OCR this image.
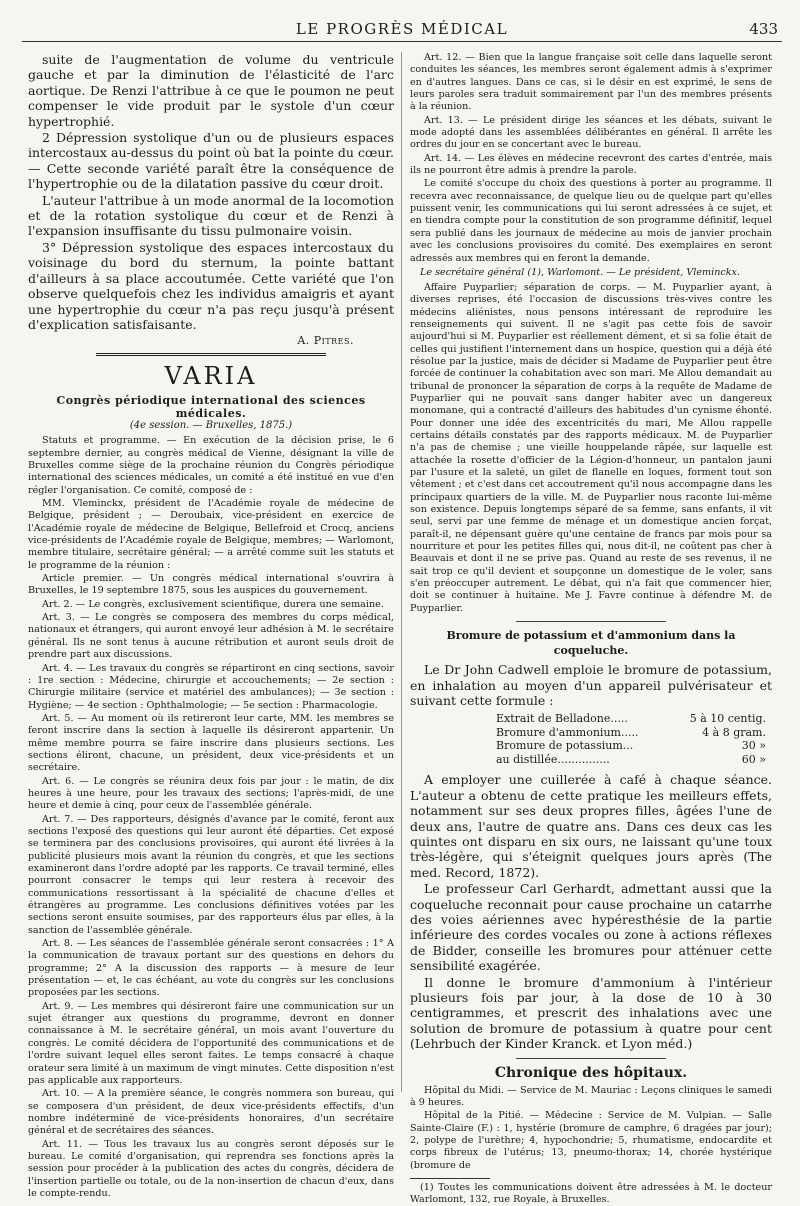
LE PROGRÈS MÉDICAL	433

suite de l'augmentation de volume du ventricule gauche et par la diminution de l'élasticité de l'arc aortique. De Renzi l'attribue à ce que le poumon ne peut compenser le vide produit par le systole d'un cœur hypertrophié.

2 Dépression systolique d'un ou de plusieurs espaces intercostaux au-dessus du point où bat la pointe du cœur. — Cette seconde variété paraît être la conséquence de l'hypertrophie ou de la dilatation passive du cœur droit.

L'auteur l'attribue à un mode anormal de la locomotion et de la rotation systolique du cœur et de Renzi à l'expansion insuffisante du tissu pulmonaire voisin.

3° Dépression systolique des espaces intercostaux du voisinage du bord du sternum, la pointe battant d'ailleurs à sa place accoutumée. Cette variété que l'on observe quelquefois chez les individus amaigris et ayant une hypertrophie du cœur n'a pas reçu jusqu'à présent d'explication satisfaisante.

A. Pitres.
VARIA
Congrès périodique international des sciences médicales.
(4e session. — Bruxelles, 1875.)

Statuts et programme. — En exécution de la décision prise, le 6 septembre dernier, au congrès médical de Vienne, désignant la ville de Bruxelles comme siège de la prochaine réunion du Congrès périodique international des sciences médicales, un comité a été institué en vue d'en régler l'organisation. Ce comité, composé de :

MM. Vleminckx, président de l'Académie royale de médecine de Belgique, président ; — Deroubaix, vice-président en exercice de l'Académie royale de médecine de Belgique, Bellefroid et Crocq, anciens vice-présidents de l'Académie royale de Belgique, membres; — Warlomont, membre titulaire, secrétaire général; — a arrêté comme suit les statuts et le programme de la réunion :

Article premier. — Un congrès médical international s'ouvrira à Bruxelles, le 19 septembre 1875, sous les auspices du gouvernement.

Art. 2. — Le congrès, exclusivement scientifique, durera une semaine.

Art. 3. — Le congrès se composera des membres du corps médical, nationaux et étrangers, qui auront envoyé leur adhésion à M. le secrétaire général. Ils ne sont tenus à aucune rétribution et auront seuls droit de prendre part aux discussions.

Art. 4. — Les travaux du congrès se répartiront en cinq sections, savoir : 1re section : Médecine, chirurgie et accouchements; — 2e section : Chirurgie militaire (service et matériel des ambulances); — 3e section : Hygiène; — 4e section : Ophthalmologie; — 5e section : Pharmacologie.

Art. 5. — Au moment où ils retireront leur carte, MM. les membres se feront inscrire dans la section à laquelle ils désireront appartenir. Un même membre pourra se faire inscrire dans plusieurs sections. Les sections éliront, chacune, un président, deux vice-présidents et un secrétaire.

Art. 6. — Le congrès se réunira deux fois par jour : le matin, de dix heures à une heure, pour les travaux des sections; l'après-midi, de une heure et demie à cinq, pour ceux de l'assemblée générale.

Art. 7. — Des rapporteurs, désignés d'avance par le comité, feront aux sections l'exposé des questions qui leur auront été départies. Cet exposé se terminera par des conclusions provisoires, qui auront été livrées à la publicité plusieurs mois avant la réunion du congrès, et que les sections examineront dans l'ordre adopté par les rapports. Ce travail terminé, elles pourront consacrer le temps qui leur restera à recevoir des communications ressortissant à la spécialité de chacune d'elles et étrangères au programme. Les conclusions définitives votées par les sections seront ensuite soumises, par des rapporteurs élus par elles, à la sanction de l'assemblée générale.

Art. 8. — Les séances de l'assemblée générale seront consacrées : 1° A la communication de travaux portant sur des questions en dehors du programme; 2° A la discussion des rapports — à mesure de leur présentation — et, le cas échéant, au vote du congrès sur les conclusions proposées par les sections.

Art. 9. — Les membres qui désireront faire une communication sur un sujet étranger aux questions du programme, devront en donner connaissance à M. le secrétaire général, un mois avant l'ouverture du congrès. Le comité décidera de l'opportunité des communications et de l'ordre suivant lequel elles seront faites. Le temps consacré à chaque orateur sera limité à un maximum de vingt minutes. Cette disposition n'est pas applicable aux rapporteurs.

Art. 10. — A la première séance, le congrès nommera son bureau, qui se composera d'un président, de deux vice-présidents effectifs, d'un nombre indéterminé de vice-présidents honoraires, d'un secrétaire général et de secrétaires des séances.

Art. 11. — Tous les travaux lus au congrès seront déposés sur le bureau. Le comité d'organisation, qui reprendra ses fonctions après la session pour procéder à la publication des actes du congrès, décidera de l'insertion partielle ou totale, ou de la non-insertion de chacun d'eux, dans le compte-rendu.

Art. 12. — Bien que la langue française soit celle dans laquelle seront conduites les séances, les membres seront également admis à s'exprimer en d'autres langues. Dans ce cas, si le désir en est exprimé, le sens de leurs paroles sera traduit sommairement par l'un des membres présents à la réunion.

Art. 13. — Le président dirige les séances et les débats, suivant le mode adopté dans les assemblées délibérantes en général. Il arrête les ordres du jour en se concertant avec le bureau.

Art. 14. — Les élèves en médecine recevront des cartes d'entrée, mais ils ne pourront être admis à prendre la parole.

Le comité s'occupe du choix des questions à porter au programme. Il recevra avec reconnaissance, de quelque lieu ou de quelque part qu'elles puissent venir, les communications qui lui seront adressées à ce sujet, et en tiendra compte pour la constitution de son programme définitif, lequel sera publié dans les journaux de médecine au mois de janvier prochain avec les conclusions provisoires du comité. Des exemplaires en seront adressés aux membres qui en feront la demande.

Le secrétaire général (1), Warlomont. — Le président, Vleminckx.

Affaire Puyparlier; séparation de corps. — M. Puyparlier ayant, à diverses reprises, été l'occasion de discussions très-vives contre les médecins aliénistes, nous pensons intéressant de reproduire les renseignements qui suivent. Il ne s'agit pas cette fois de savoir aujourd'hui si M. Puyparlier est réellement dément, et si sa folie était de celles qui justifient l'internement dans un hospice, question qui a déjà été résolue par la justice, mais de décider si Madame de Puyparlier peut être forcée de continuer la cohabitation avec son mari. Me Allou demandait au tribunal de prononcer la séparation de corps à la requête de Madame de Puyparlier qui ne pouvait sans danger habiter avec un dangereux monomane, qui a contracté d'ailleurs des habitudes d'un cynisme éhonté. Pour donner une idée des excentricités du mari, Me Allou rappelle certains détails constatés par des rapports médicaux. M. de Puyparlier n'a pas de chemise ; une vieille houppelande râpée, sur laquelle est attachée la rosette d'officier de la Légion-d'honneur, un pantalon jauni par l'usure et la saleté, un gilet de flanelle en loques, forment tout son vêtement ; et c'est dans cet accoutrement qu'il nous accompagne dans les principaux quartiers de la ville. M. de Puyparlier nous raconte lui-même son existence. Depuis longtemps séparé de sa femme, sans enfants, il vit seul, servi par une femme de ménage et un domestique ancien forçat, paraît-il, ne dépensant guère qu'une centaine de francs par mois pour sa nourriture et pour les petites filles qui, nous dit-il, ne coûtent pas cher à Beauvais et dont il ne se prive pas. Quand au reste de ses revenus, il ne sait trop ce qu'il devient et soupçonne un domestique de le voler, sans s'en préoccuper autrement. Le débat, qui n'a fait que commencer hier, doit se continuer à huitaine. Me J. Favre continue à défendre M. de Puyparlier.

Bromure de potassium et d'ammonium dans la coqueluche.

Le Dr John Cadwell emploie le bromure de potassium, en inhalation au moyen d'un appareil pulvérisateur et suivant cette formule :

Extrait de Belladone.....	5 à 10 centig.
Bromure d'ammonium.....	4 à 8 gram.
Bromure de potassium...	30 »
au distillée...............	60 »

A employer une cuillerée à café à chaque séance. L'auteur a obtenu de cette pratique les meilleurs effets, notamment sur ses deux propres filles, âgées l'une de deux ans, l'autre de quatre ans. Dans ces deux cas les quintes ont disparu en six ours, ne laissant qu'une toux très-légère, qui s'éteignit quelques jours après (The med. Record, 1872).

Le professeur Carl Gerhardt, admettant aussi que la coqueluche reconnait pour cause prochaine un catarrhe des voies aériennes avec hypéresthésie de la partie inférieure des cordes vocales ou zone à actions réflexes de Bidder, conseille les bromures pour atténuer cette sensibilité exagérée.

Il donne le bromure d'ammonium à l'intérieur plusieurs fois par jour, à la dose de 10 à 30 centigrammes, et prescrit des inhalations avec une solution de bromure de potassium à quatre pour cent (Lehrbuch der Kinder Kranck. et Lyon méd.)

Chronique des hôpitaux.

Hôpital du Midi. — Service de M. Mauriac : Leçons cliniques le samedi à 9 heures.

Hôpital de la Pitié. — Médecine : Service de M. Vulpian. — Salle Sainte-Claire (F.) : 1, hystérie (bromure de camphre, 6 dragées par jour); 2, polype de l'urèthre; 4, hypochondrie; 5, rhumatisme, endocardite et corps fibreux de l'utérus; 13, pneumo-thorax; 14, chorée hystérique (bromure de

(1) Toutes les communications doivent être adressées à M. le docteur Warlomont, 132, rue Royale, à Bruxelles.
